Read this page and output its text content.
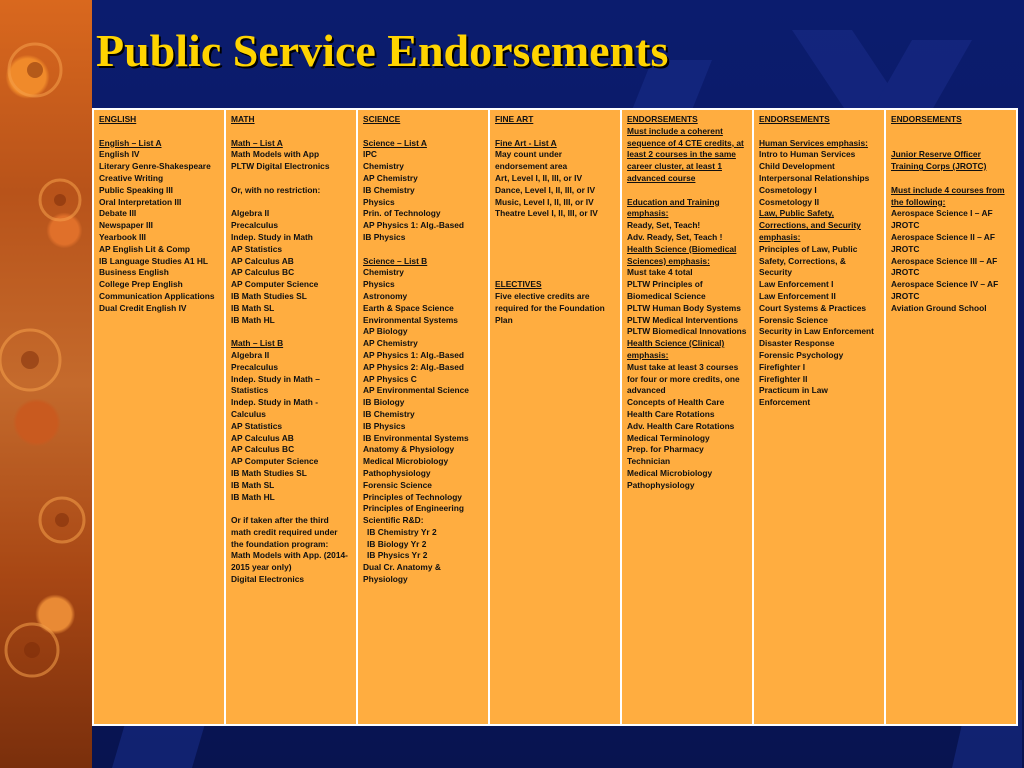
Public Service Endorsements
ENGLISH
English – List A
English IV
Literary Genre-Shakespeare
Creative Writing
Public Speaking III
Oral Interpretation III
Debate III
Newspaper III
Yearbook III
AP English Lit & Comp
IB Language Studies A1 HL
Business English
College Prep English
Communication Applications
Dual Credit English IV
MATH
Math – List A
Math Models with App
PLTW Digital Electronics
Or, with no restriction:
Algebra II
Precalculus
Indep. Study in Math
AP Statistics
AP Calculus AB
AP Calculus BC
AP Computer Science
IB Math Studies SL
IB Math SL
IB Math HL
Math – List B
Algebra II
Precalculus
Indep. Study in Math – Statistics
Indep. Study in Math - Calculus
AP Statistics
AP Calculus AB
AP Calculus BC
AP Computer Science
IB Math Studies SL
IB Math SL
IB Math HL
Or if taken after the third math credit required under the foundation program:
Math Models with App. (2014-2015 year only)
Digital Electronics
SCIENCE
Science – List A
IPC
Chemistry
AP Chemistry
IB Chemistry
Physics
Prin. of Technology
AP Physics 1: Alg.-Based
IB Physics
Science – List B
Chemistry
Physics
Astronomy
Earth & Space Science
Environmental Systems
AP Biology
AP Chemistry
AP Physics 1: Alg.-Based
AP Physics 2: Alg.-Based
AP Physics C
AP Environmental Science
IB Biology
IB Chemistry
IB Physics
IB Environmental Systems
Anatomy & Physiology
Medical Microbiology
Pathophysiology
Forensic Science
Principles of Technology
Principles of Engineering
Scientific R&D:
IB Chemistry Yr 2
IB Biology Yr 2
IB Physics Yr 2
Dual Cr. Anatomy & Physiology
FINE ART
Fine Art - List A
May count under endorsement area
Art, Level I, II, III, or IV
Dance, Level I, II, III, or IV
Music, Level I, II, III, or IV
Theatre Level I, II, III, or IV
ELECTIVES
Five elective credits are required for the Foundation Plan
ENDORSEMENTS
Must include a coherent sequence of 4 CTE credits, at least 2 courses in the same career cluster, at least 1 advanced course
Education and Training emphasis:
Ready, Set, Teach!
Adv. Ready, Set, Teach !
Health Science (Biomedical Sciences) emphasis:
Must take 4 total
PLTW Principles of Biomedical Science
PLTW Human Body Systems
PLTW Medical Interventions
PLTW Biomedical Innovations
Health Science (Clinical) emphasis:
Must take at least 3 courses for four or more credits, one advanced
Concepts of Health Care
Health Care Rotations
Adv. Health Care Rotations
Medical Terminology
Prep. for Pharmacy Technician
Medical Microbiology
Pathophysiology
ENDORSEMENTS
Human Services emphasis:
Intro to Human Services
Child Development
Interpersonal Relationships
Cosmetology I
Cosmetology II
Law, Public Safety, Corrections, and Security emphasis:
Principles of Law, Public Safety, Corrections, & Security
Law Enforcement I
Law Enforcement II
Court Systems & Practices
Forensic Science
Security in Law Enforcement
Disaster Response
Forensic Psychology
Firefighter I
Firefighter II
Practicum in Law Enforcement
ENDORSEMENTS
Junior Reserve Officer Training Corps (JROTC)
Must include 4 courses from the following:
Aerospace Science I – AF JROTC
Aerospace Science II – AF JROTC
Aerospace Science III – AF JROTC
Aerospace Science IV – AF JROTC
Aviation Ground School
